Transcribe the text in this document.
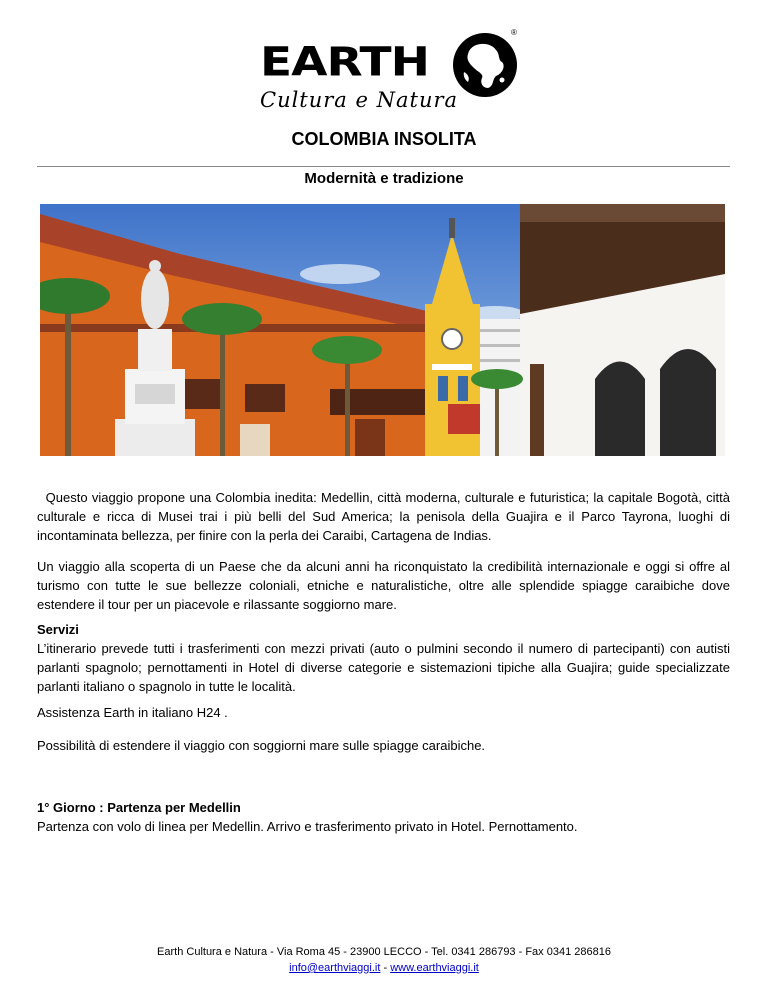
EARTH
®
Cultura e Natura
COLOMBIA INSOLITA
Modernità e tradizione
Questo viaggio propone una Colombia inedita: Medellin, città moderna, culturale e futuristica; la capitale Bogotà, città culturale e ricca di Musei trai i più belli del Sud America; la penisola della Guajira e il Parco Tayrona, luoghi di incontaminata bellezza, per finire con la perla dei Caraibi, Cartagena de Indias.
Un viaggio alla scoperta di un Paese che da alcuni anni ha riconquistato la credibilità internazionale e oggi si offre al turismo con tutte le sue bellezze coloniali, etniche e naturalistiche, oltre alle splendide spiagge caraibiche dove estendere il tour per un piacevole e rilassante soggiorno mare.
Servizi
L’itinerario prevede tutti i trasferimenti con mezzi privati (auto o pulmini secondo il numero di partecipanti) con autisti parlanti spagnolo; pernottamenti in Hotel di diverse categorie e sistemazioni tipiche alla Guajira; guide specializzate parlanti italiano o spagnolo in tutte le località.
Assistenza Earth in italiano H24 .
Possibilità di estendere il viaggio con soggiorni mare sulle spiagge caraibiche.
1° Giorno : Partenza per Medellin
Partenza con volo di linea per Medellin. Arrivo e trasferimento privato in Hotel. Pernottamento.
Earth Cultura e Natura - Via Roma 45 - 23900 LECCO - Tel. 0341 286793 - Fax 0341 286816
info@earthviaggi.it - www.earthviaggi.it
